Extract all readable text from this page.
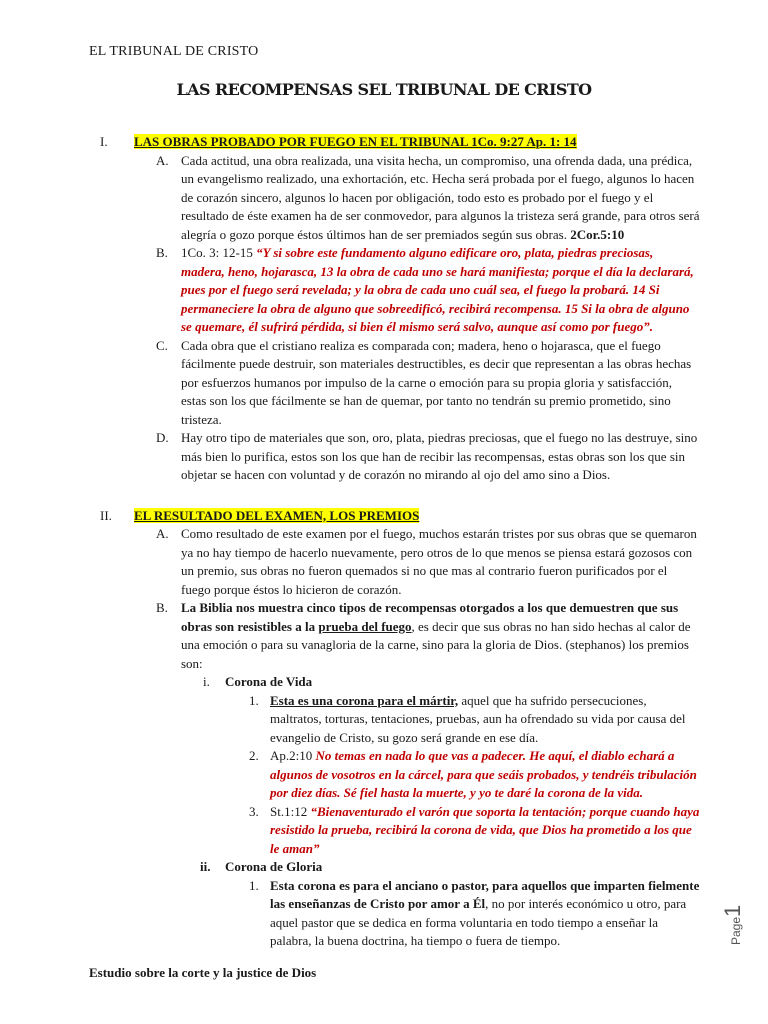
EL TRIBUNAL DE CRISTO
LAS RECOMPENSAS SEL TRIBUNAL DE CRISTO
I. LAS OBRAS PROBADO POR FUEGO EN EL TRIBUNAL 1Co. 9:27 Ap. 1: 14
A. Cada actitud, una obra realizada, una visita hecha, un compromiso, una ofrenda dada, una prédica, un evangelismo realizado, una exhortación, etc. Hecha será probada por el fuego, algunos lo hacen de corazón sincero, algunos lo hacen por obligación, todo esto es probado por el fuego y el resultado de éste examen ha de ser conmovedor, para algunos la tristeza será grande, para otros será alegría o gozo porque éstos últimos han de ser premiados según sus obras. 2Cor.5:10
B. 1Co. 3: 12-15 “Y si sobre este fundamento alguno edificare oro, plata, piedras preciosas, madera, heno, hojarasca, 13 la obra de cada uno se hará manifiesta; porque el día la declarará, pues por el fuego será revelada; y la obra de cada uno cuál sea, el fuego la probará. 14 Si permaneciere la obra de alguno que sobreedificó, recibirá recompensa. 15 Si la obra de alguno se quemare, él sufrirá pérdida, si bien él mismo será salvo, aunque así como por fuego”.
C. Cada obra que el cristiano realiza es comparada con; madera, heno o hojarasca, que el fuego fácilmente puede destruir, son materiales destructibles, es decir que representan a las obras hechas por esfuerzos humanos por impulso de la carne o emoción para su propia gloria y satisfacción, estas son los que fácilmente se han de quemar, por tanto no tendrán su premio prometido, sino tristeza.
D. Hay otro tipo de materiales que son, oro, plata, piedras preciosas, que el fuego no las destruye, sino más bien lo purifica, estos son los que han de recibir las recompensas, estas obras son los que sin objetar se hacen con voluntad y de corazón no mirando al ojo del amo sino a Dios.
II. EL RESULTADO DEL EXAMEN, LOS PREMIOS
A. Como resultado de este examen por el fuego, muchos estarán tristes por sus obras que se quemaron ya no hay tiempo de hacerlo nuevamente, pero otros de lo que menos se piensa estará gozosos con un premio, sus obras no fueron quemados si no que mas al contrario fueron purificados por el fuego porque éstos lo hicieron de corazón.
B. La Biblia nos muestra cinco tipos de recompensas otorgados a los que demuestren que sus obras son resistibles a la prueba del fuego, es decir que sus obras no han sido hechas al calor de una emoción o para su vanagloria de la carne, sino para la gloria de Dios. (stephanos) los premios son:
i. Corona de Vida
1. Esta es una corona para el mártir, aquel que ha sufrido persecuciones, maltratos, torturas, tentaciones, pruebas, aun ha ofrendado su vida por causa del evangelio de Cristo, su gozo será grande en ese día.
2. Ap.2:10 No temas en nada lo que vas a padecer. He aquí, el diablo echará a algunos de vosotros en la cárcel, para que seáis probados, y tendréis tribulación por diez días. Sé fiel hasta la muerte, y yo te daré la corona de la vida.
3. St.1:12 “Bienaventurado el varón que soporta la tentación; porque cuando haya resistido la prueba, recibirá la corona de vida, que Dios ha prometido a los que le aman”
ii. Corona de Gloria
1. Esta corona es para el anciano o pastor, para aquellos que imparten fielmente las enseñanzas de Cristo por amor a Él, no por interés económico u otro, para aquel pastor que se dedica en forma voluntaria en todo tiempo a enseñar la palabra, la buena doctrina, ha tiempo o fuera de tiempo.
Estudio sobre la corte y la justice de Dios
Page1
